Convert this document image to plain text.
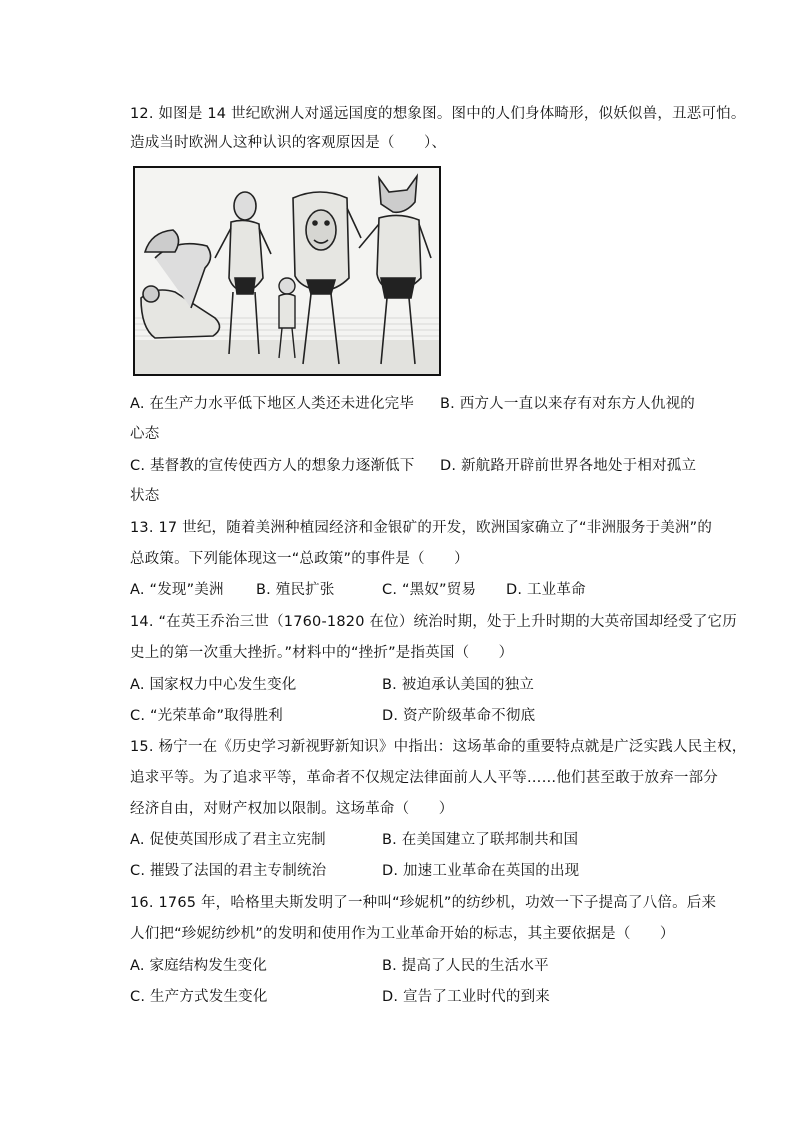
12. 如图是 14 世纪欧洲人对遥远国度的想象图。图中的人们身体畸形，似妖似兽，丑恶可怕。
造成当时欧洲人这种认识的客观原因是（　　）、
A. 在生产力水平低下地区人类还未进化完毕 B. 西方人一直以来存有对东方人仇视的
心态
C. 基督教的宣传使西方人的想象力逐渐低下 D. 新航路开辟前世界各地处于相对孤立
状态
13. 17 世纪，随着美洲种植园经济和金银矿的开发，欧洲国家确立了“非洲服务于美洲”的
总政策。下列能体现这一“总政策”的事件是（　　）
A. “发现”美洲 B. 殖民扩张	C. “黑奴”贸易 D. 工业革命
14. “在英王乔治三世（1760-1820 在位）统治时期，处于上升时期的大英帝国却经受了它历
史上的第一次重大挫折。”材料中的“挫折”是指英国（　　）
A. 国家权力中心发生变化	B. 被迫承认美国的独立
C. “光荣革命”取得胜利	D. 资产阶级革命不彻底
15. 杨宁一在《历史学习新视野新知识》中指出：这场革命的重要特点就是广泛实践人民主权，
追求平等。为了追求平等，革命者不仅规定法律面前人人平等……他们甚至敢于放弃一部分
经济自由，对财产权加以限制。这场革命（　　）
A. 促使英国形成了君主立宪制	B. 在美国建立了联邦制共和国
C. 摧毁了法国的君主专制统治	D. 加速工业革命在英国的出现
16. 1765 年，哈格里夫斯发明了一种叫“珍妮机”的纺纱机，功效一下子提高了八倍。后来
人们把“珍妮纺纱机”的发明和使用作为工业革命开始的标志，其主要依据是（　　）
A. 家庭结构发生变化	B. 提高了人民的生活水平
C. 生产方式发生变化	D. 宣告了工业时代的到来
